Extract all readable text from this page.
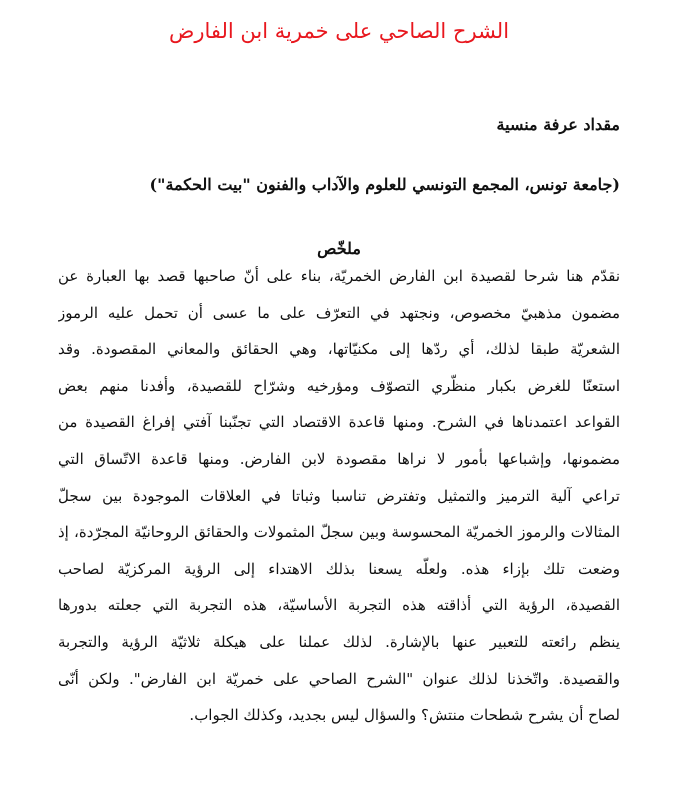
الشرح الصاحي على خمرية ابن الفارض
مقداد عرفة منسية
(جامعة تونس، المجمع التونسي للعلوم والآداب والفنون "بيت الحكمة")
ملخّص
نقدّم هنا شرحا لقصيدة ابن الفارض الخمريّة، بناء على أنّ صاحبها قصد بها العبارة عن
مضمون مذهبيّ مخصوص، ونجتهد في التعرّف على ما عسى أن تحمل عليه الرموز
الشعريّة طبقا لذلك، أي ردّها إلى مكنيّاتها، وهي الحقائق والمعاني المقصودة. وقد
استعنّا للغرض بكبار منظّري التصوّف ومؤرخيه وشرّاح للقصيدة، وأفدنا منهم بعض
القواعد اعتمدناها في الشرح. ومنها قاعدة الاقتصاد التي تجنّبنا آفتي إفراغ القصيدة من
مضمونها، وإشباعها بأمور لا نراها مقصودة لابن الفارض. ومنها قاعدة الاتّساق التي
تراعي آلية الترميز والتمثيل وتفترض تناسبا وثباتا في العلاقات الموجودة بين سجلّ
المثالات والرموز الخمريّة المحسوسة وبين سجلّ المثمولات والحقائق الروحانيّة المجرّدة، إذ
وضعت تلك بإزاء هذه. ولعلّه يسعنا بذلك الاهتداء إلى الرؤية المركزيّة لصاحب
القصيدة، الرؤية التي أذاقته هذه التجربة الأساسيّة، هذه التجربة التي جعلته بدورها
ينظم رائعته للتعبير عنها بالإشارة. لذلك عملنا على هيكلة ثلاثيّة الرؤية والتجربة
والقصيدة. واتّخذنا لذلك عنوان "الشرح الصاحي على خمريّة ابن الفارض". ولكن أنّى
لصاح أن يشرح شطحات منتش؟ والسؤال ليس بجديد، وكذلك الجواب.
